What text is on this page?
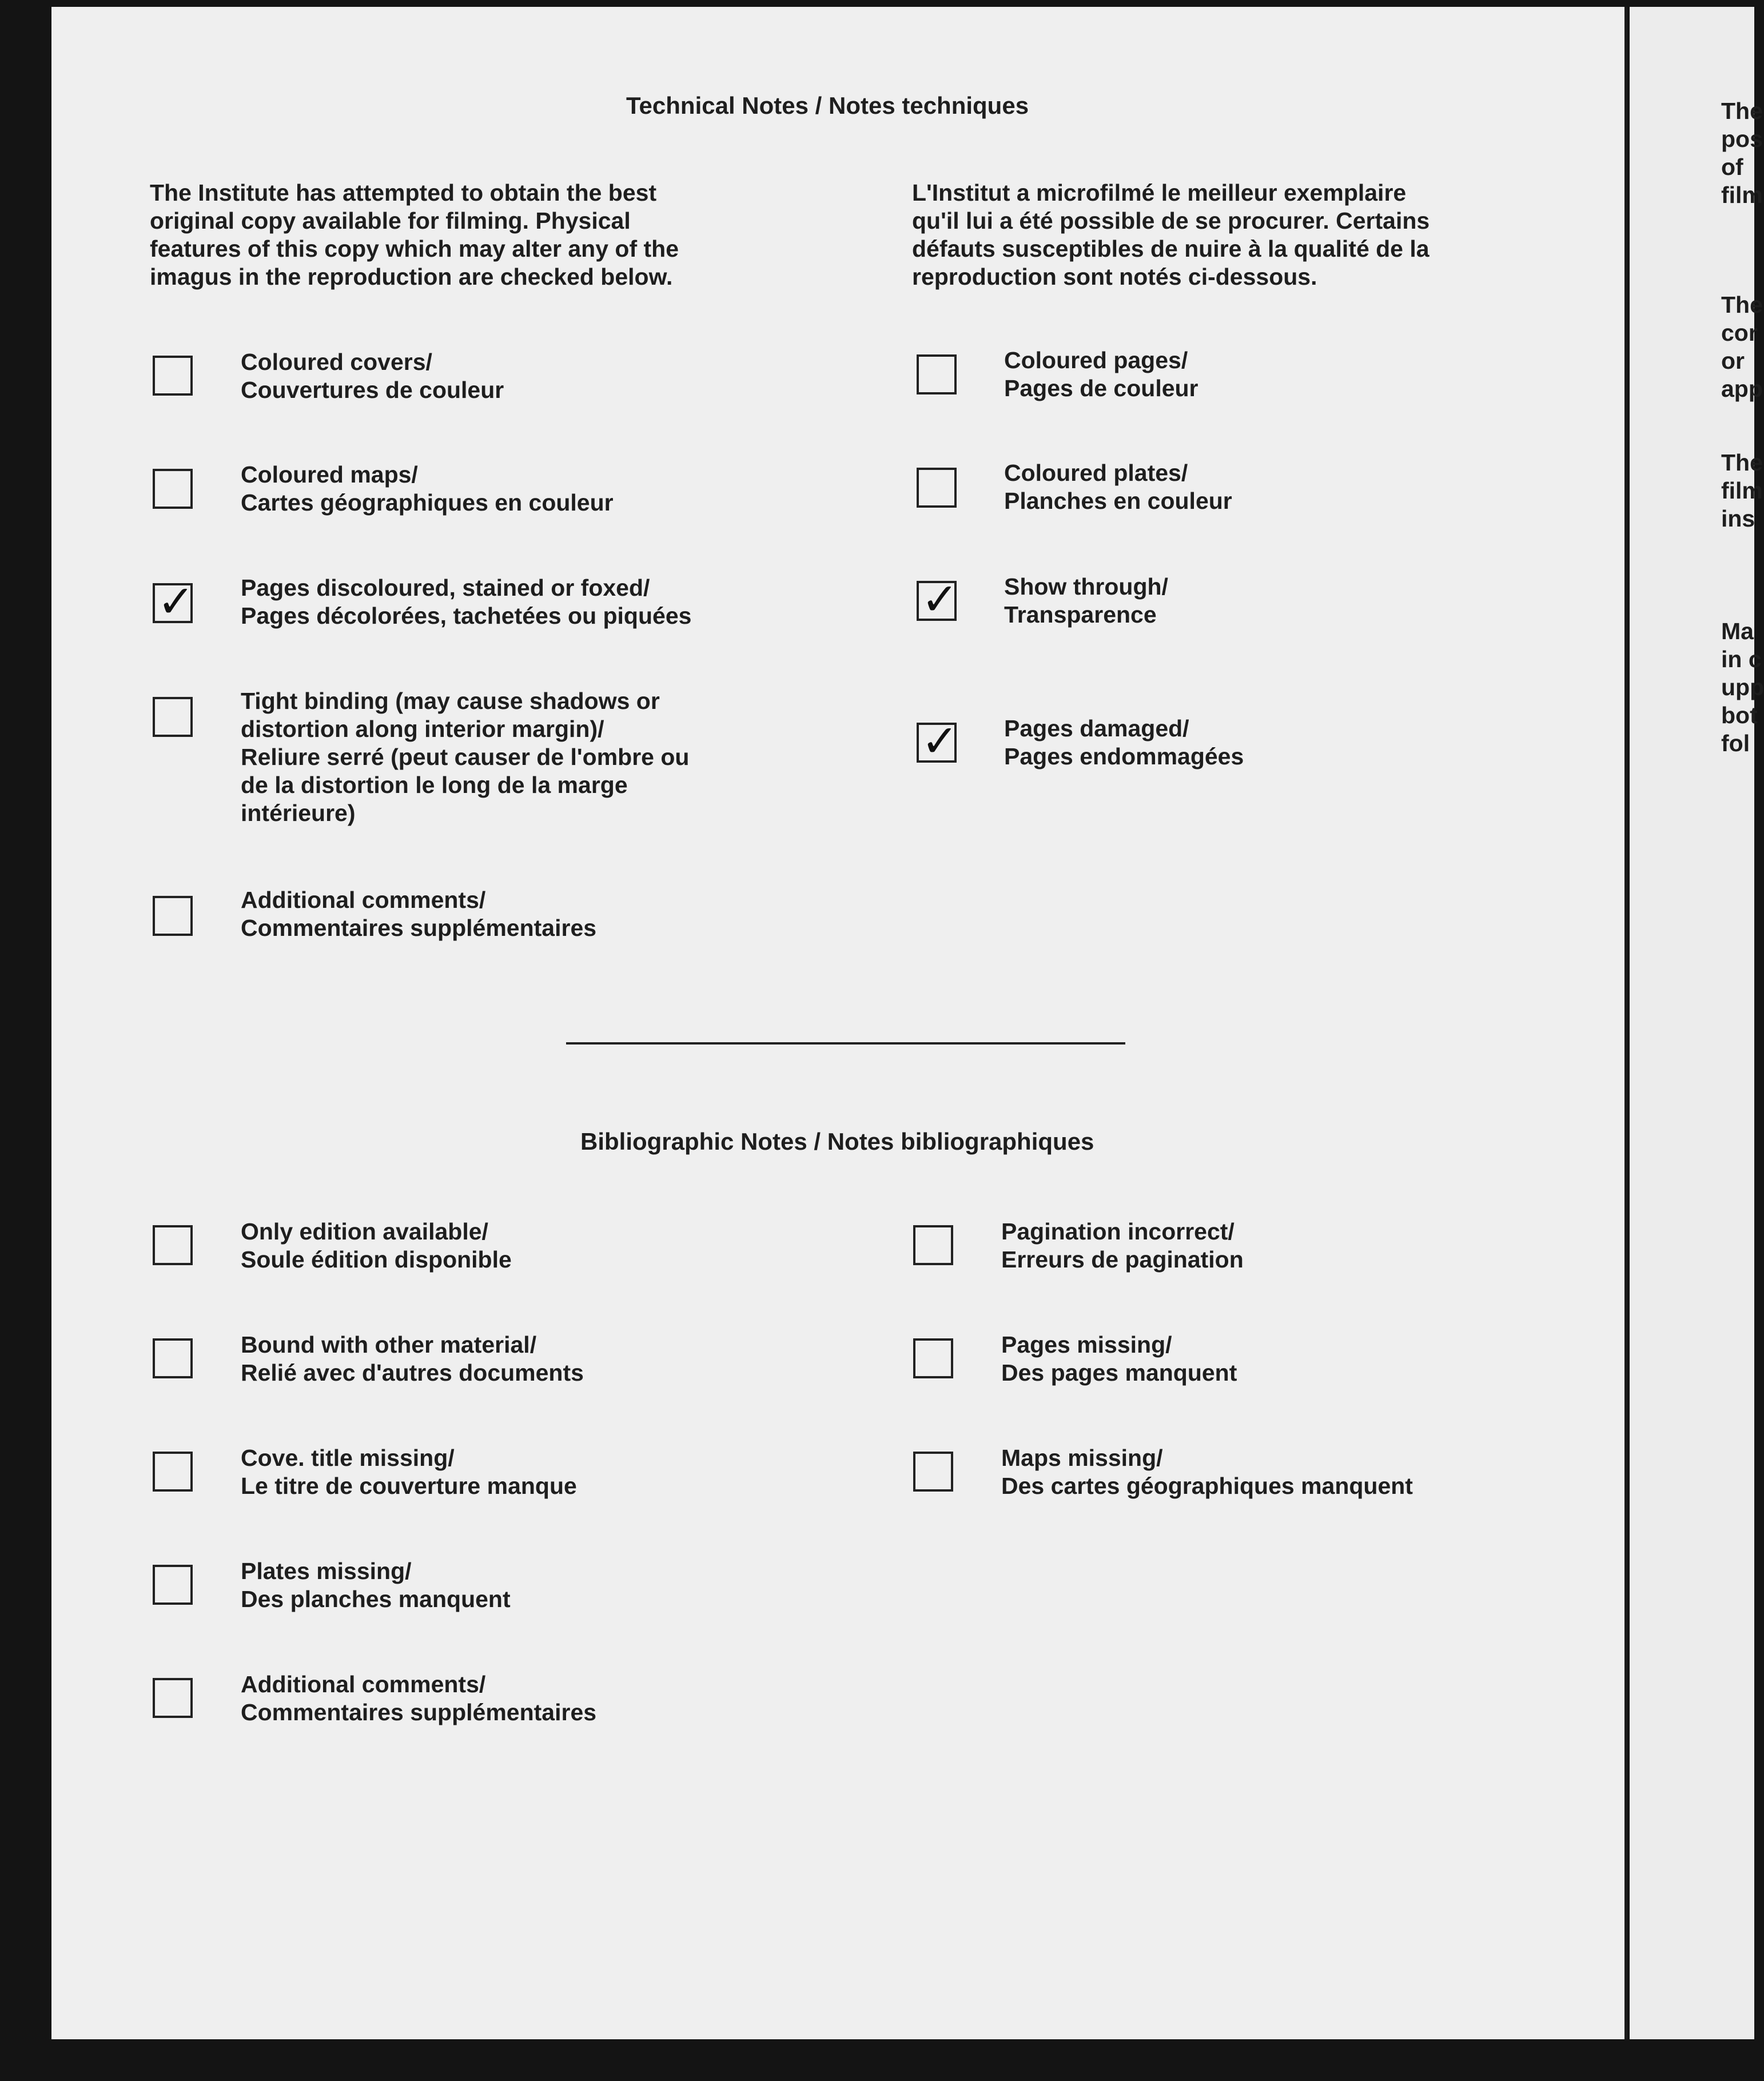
The
pos
of
film
The
cor
or
app
The
film
ins
Ma
in c
upp
bot
fol
Technical Notes / Notes techniques
The Institute has attempted to obtain the best
original copy available for filming. Physical
features of this copy which may alter any of the
imagus in the reproduction are checked below.
L'Institut a microfilmé le meilleur exemplaire
qu'il lui a été possible de se procurer. Certains
défauts susceptibles de nuire à la qualité de la
reproduction sont notés ci-dessous.
Coloured covers/
Couvertures de couleur
Coloured maps/
Cartes géographiques en couleur
✓ Pages discoloured, stained or foxed/
Pages décolorées, tachetées ou piquées
Tight binding (may cause shadows or
distortion along interior margin)/
Reliure serré (peut causer de l'ombre ou
de la distortion le long de la marge
intérieure)
Additional comments/
Commentaires supplémentaires
Coloured pages/
Pages de couleur
Coloured plates/
Planches en couleur
✓ Show through/
Transparence
✓ Pages damaged/
Pages endommagées
Bibliographic Notes / Notes bibliographiques
Only edition available/
Soule édition disponible
Bound with other material/
Relié avec d'autres documents
Cove. title missing/
Le titre de couverture manque
Plates missing/
Des planches manquent
Additional comments/
Commentaires supplémentaires
Pagination incorrect/
Erreurs de pagination
Pages missing/
Des pages manquent
Maps missing/
Des cartes géographiques manquent
